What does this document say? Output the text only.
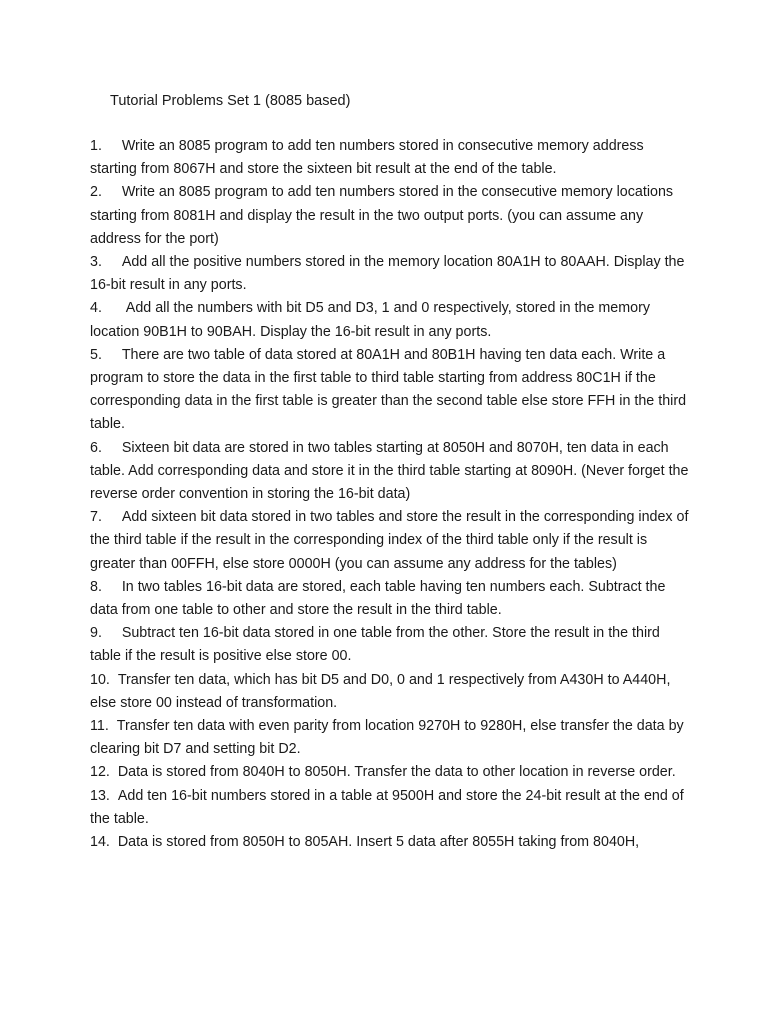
Tutorial Problems Set 1 (8085 based)
1. Write an 8085 program to add ten numbers stored in consecutive memory address starting from 8067H and store the sixteen bit result at the end of the table.
2. Write an 8085 program to add ten numbers stored in the consecutive memory locations starting from 8081H and display the result in the two output ports. (you can assume any address for the port)
3. Add all the positive numbers stored in the memory location 80A1H to 80AAH. Display the 16-bit result in any ports.
4. Add all the numbers with bit D5 and D3, 1 and 0 respectively, stored in the memory location 90B1H to 90BAH. Display the 16-bit result in any ports.
5. There are two table of data stored at 80A1H and 80B1H having ten data each. Write a program to store the data in the first table to third table starting from address 80C1H if the corresponding data in the first table is greater than the second table else store FFH in the third table.
6. Sixteen bit data are stored in two tables starting at 8050H and 8070H, ten data in each table. Add corresponding data and store it in the third table starting at 8090H. (Never forget the reverse order convention in storing the 16-bit data)
7. Add sixteen bit data stored in two tables and store the result in the corresponding index of the third table if the result in the corresponding index of the third table only if the result is greater than 00FFH, else store 0000H (you can assume any address for the tables)
8. In two tables 16-bit data are stored, each table having ten numbers each. Subtract the data from one table to other and store the result in the third table.
9. Subtract ten 16-bit data stored in one table from the other. Store the result in the third table if the result is positive else store 00.
10. Transfer ten data, which has bit D5 and D0, 0 and 1 respectively from A430H to A440H, else store 00 instead of transformation.
11. Transfer ten data with even parity from location 9270H to 9280H, else transfer the data by clearing bit D7 and setting bit D2.
12. Data is stored from 8040H to 8050H. Transfer the data to other location in reverse order.
13. Add ten 16-bit numbers stored in a table at 9500H and store the 24-bit result at the end of the table.
14. Data is stored from 8050H to 805AH. Insert 5 data after 8055H taking from 8040H,
